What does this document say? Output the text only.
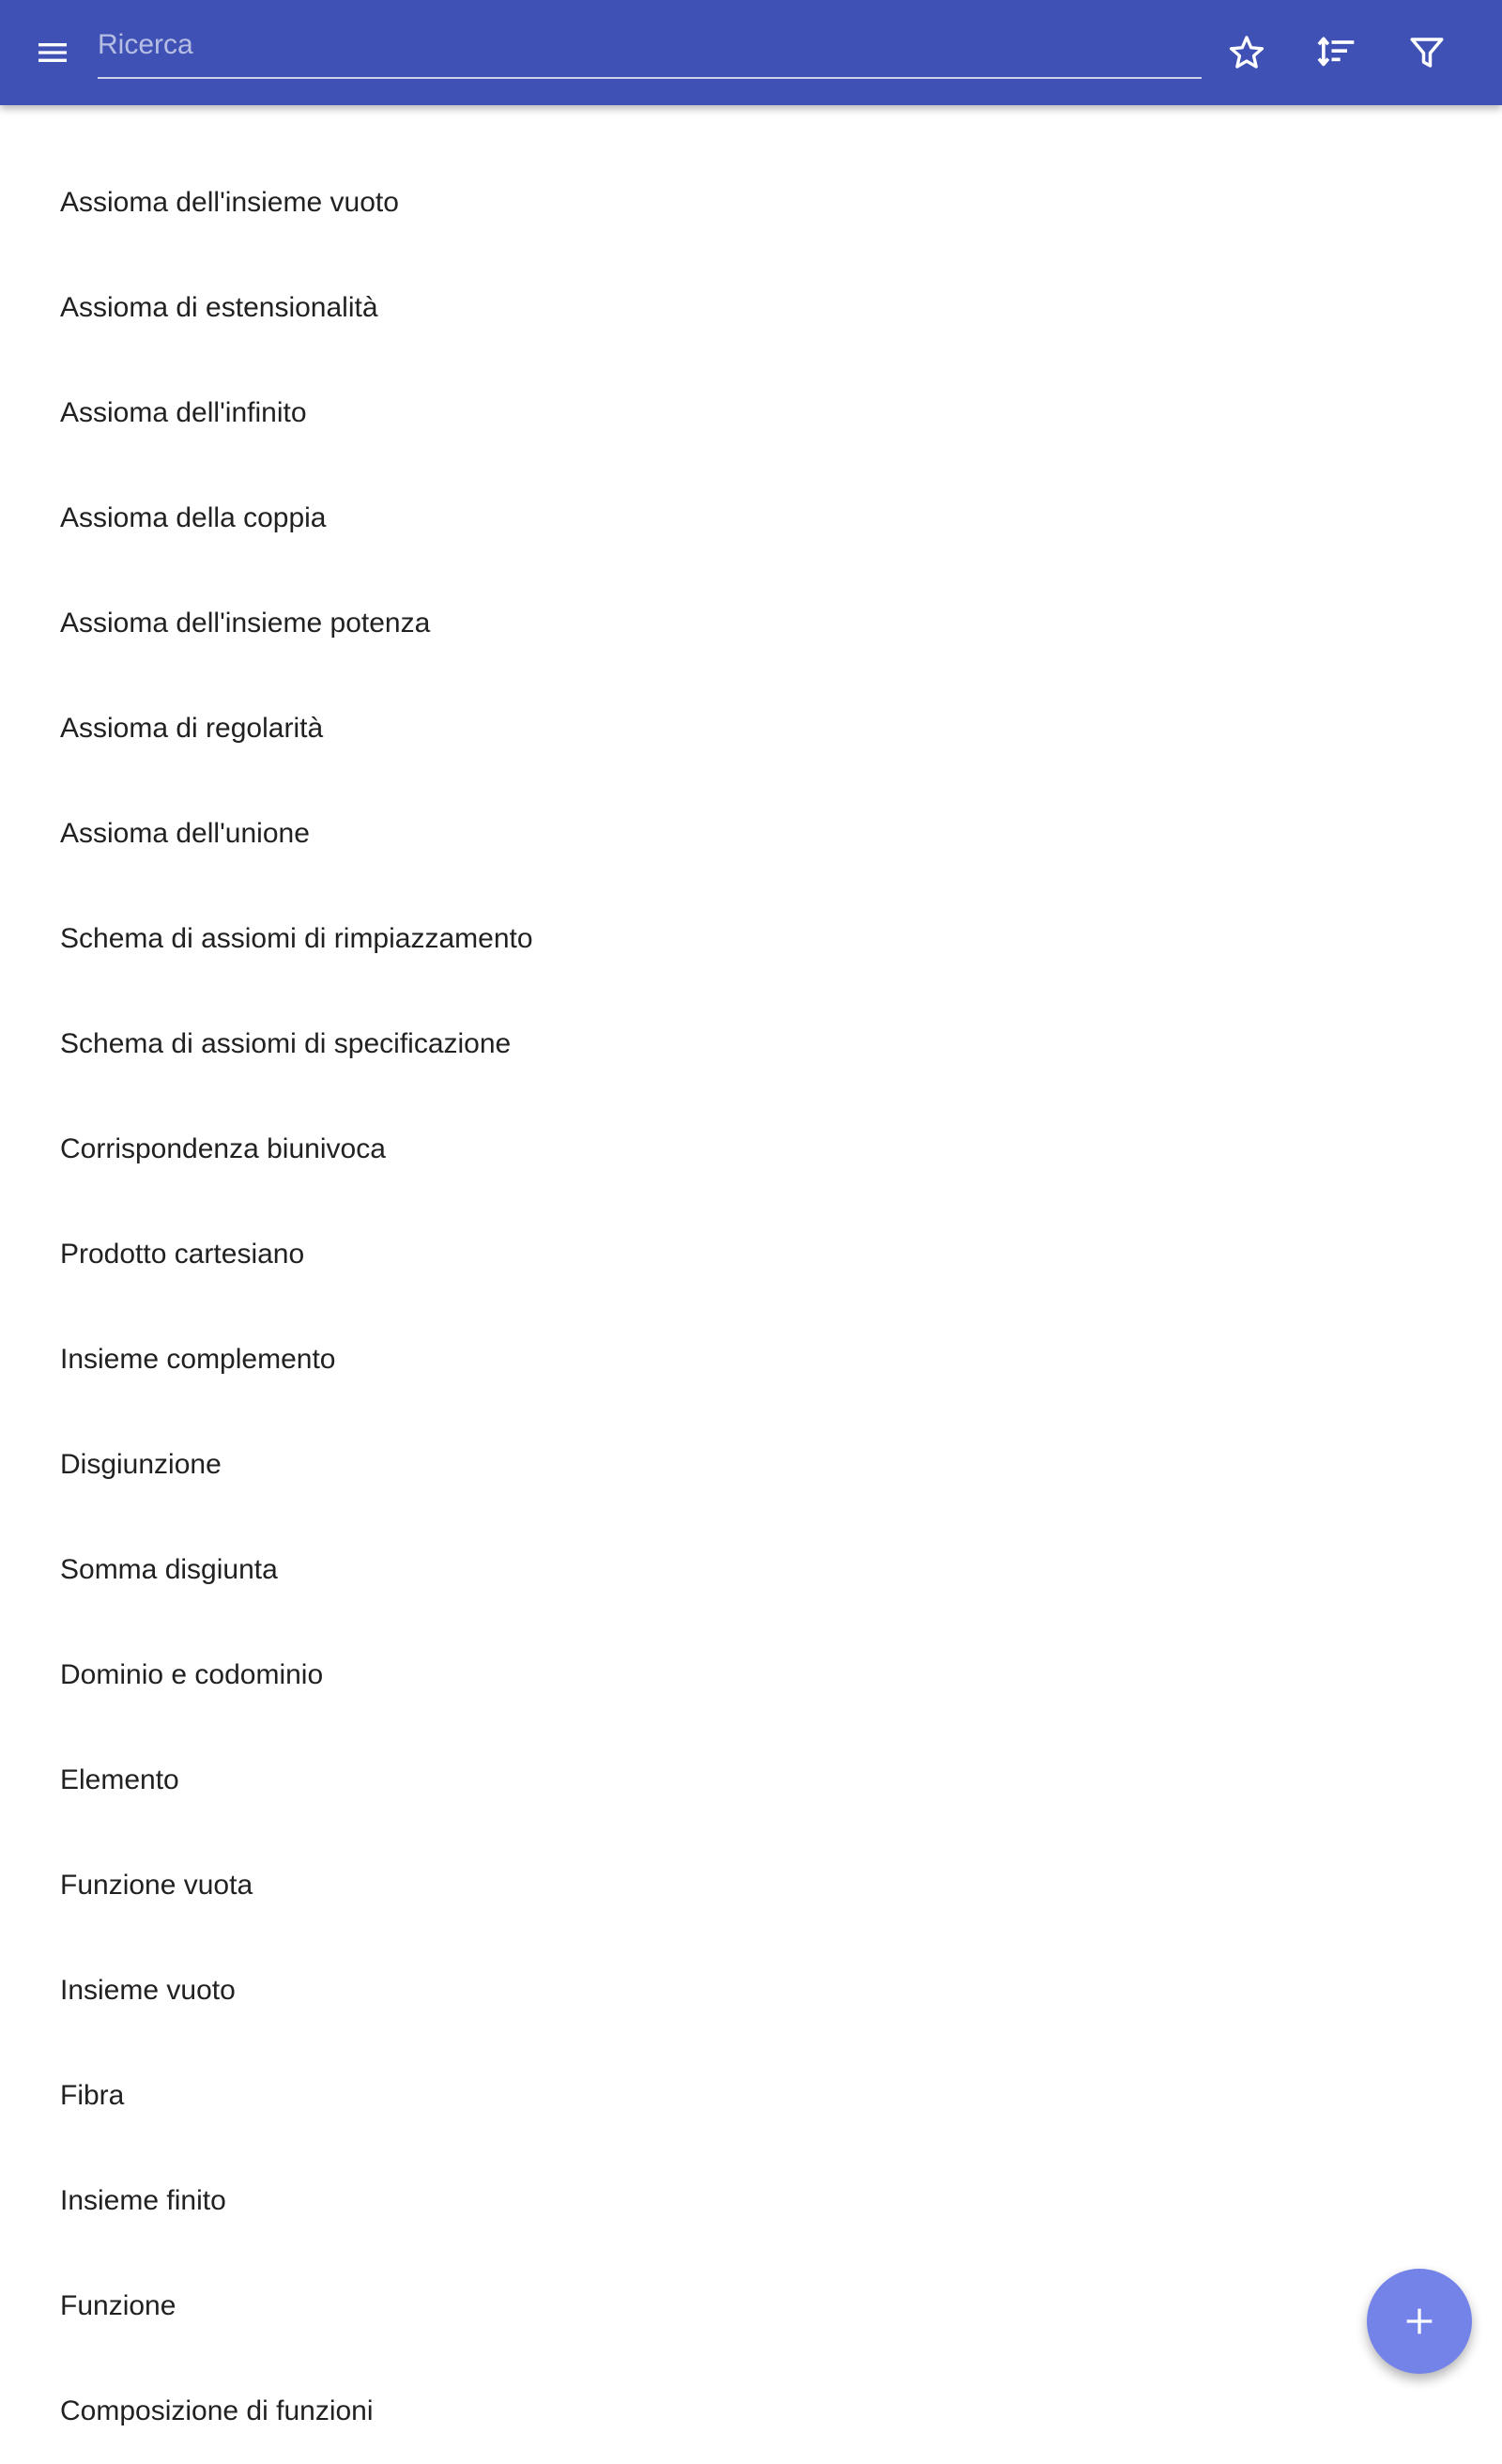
Ricerca
Assioma dell'insieme vuoto
Assioma di estensionalità
Assioma dell'infinito
Assioma della coppia
Assioma dell'insieme potenza
Assioma di regolarità
Assioma dell'unione
Schema di assiomi di rimpiazzamento
Schema di assiomi di specificazione
Corrispondenza biunivoca
Prodotto cartesiano
Insieme complemento
Disgiunzione
Somma disgiunta
Dominio e codominio
Elemento
Funzione vuota
Insieme vuoto
Fibra
Insieme finito
Funzione
Composizione di funzioni
